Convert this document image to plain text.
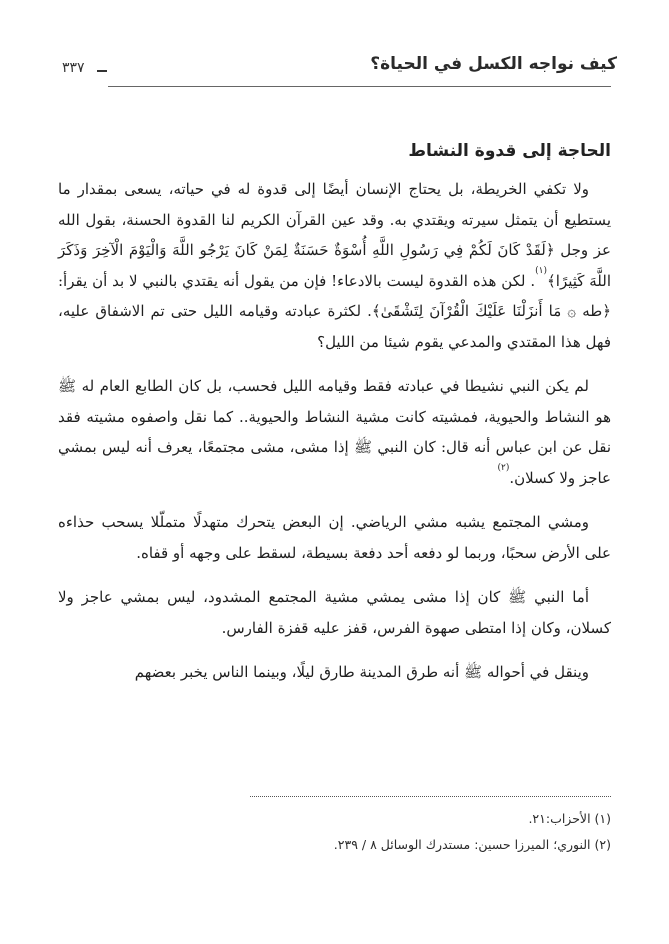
كيف نواجه الكسل في الحياة؟
٣٣٧
الحاجة إلى قدوة النشاط

ولا تكفي الخريطة، بل يحتاج الإنسان أيضًا إلى قدوة له في حياته، يسعى بمقدار ما يستطيع أن يتمثل سيرته ويقتدي به. وقد عين القرآن الكريم لنا القدوة الحسنة، بقول الله عز وجل ﴿لَقَدْ كَانَ لَكُمْ فِي رَسُولِ اللَّهِ أُسْوَةٌ حَسَنَةٌ لِمَنْ كَانَ يَرْجُو اللَّهَ وَالْيَوْمَ الْآخِرَ وَذَكَرَ اللَّهَ كَثِيرًا﴾$^{(١)}$. لكن هذه القدوة ليست بالادعاء! فإن من يقول أنه يقتدي بالنبي لا بد أن يقرأ: ﴿طه ۞ مَا أَنزَلْنَا عَلَيْكَ الْقُرْآنَ لِتَشْقَىٰ﴾. لكثرة عبادته وقيامه الليل حتى تم الاشفاق عليه، فهل هذا المقتدي والمدعي يقوم شيئا من الليل؟

لم يكن النبي نشيطا في عبادته فقط وقيامه الليل فحسب، بل كان الطابع العام له ﷺ هو النشاط والحيوية، فمشيته كانت مشية النشاط والحيوية.. كما نقل واصفوه مشيته فقد نقل عن ابن عباس أنه قال: كان النبي ﷺ إذا مشى، مشى مجتمعًا، يعرف أنه ليس بمشي عاجز ولا كسلان.$^{(٢)}$

ومشي المجتمع يشبه مشي الرياضي. إن البعض يتحرك متهدلًا متملّلا يسحب حذاءه على الأرض سحبًا، وربما لو دفعه أحد دفعة بسيطة، لسقط على وجهه أو قفاه.

أما النبي ﷺ كان إذا مشى يمشي مشية المجتمع المشدود، ليس بمشي عاجز ولا كسلان، وكان إذا امتطى صهوة الفرس، قفز عليه قفزة الفارس.

وينقل في أحواله ﷺ أنه طرق المدينة طارق ليلًا، وبينما الناس يخبر بعضهم

(١) الأحزاب:٢١.
(٢) النوري؛ الميرزا حسين: مستدرك الوسائل ٨ / ٢٣٩.
